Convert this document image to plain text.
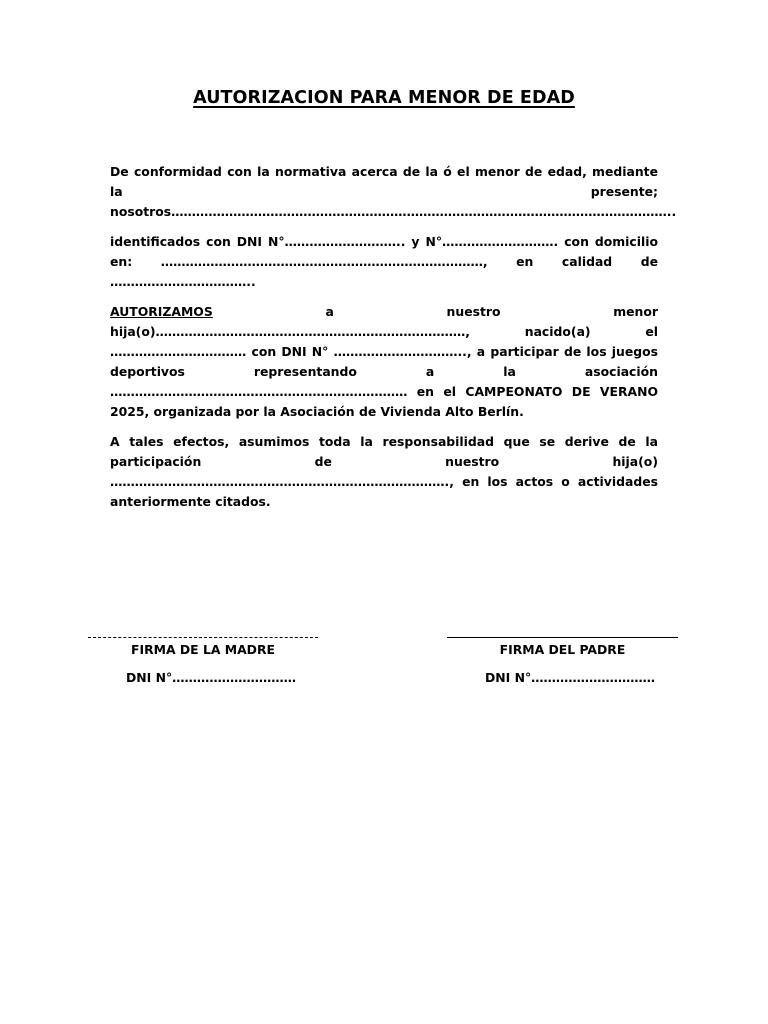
AUTORIZACION PARA MENOR DE EDAD

De conformidad con la normativa acerca de la ó el menor de edad, mediante la presente; nosotros…………………………………………………………………………………………………………..

identificados con DNI N°……………………….. y N°………………………. con domicilio en: ……………………………………………………………………, en calidad de ……………………………..

AUTORIZAMOS a nuestro menor hija(o)…………………………………………………………………, nacido(a) el …………………………… con DNI N° ………………………….., a participar de los juegos deportivos representando a la asociación ……………………………………………………………… en el CAMPEONATO DE VERANO 2025, organizada por la Asociación de Vivienda Alto Berlín.

A tales efectos, asumimos toda la responsabilidad que se derive de la participación de nuestro hija(o) ………………………………………………………………………., en los actos o actividades anteriormente citados.

FIRMA DE LA MADRE	FIRMA DEL PADRE
DNI N°…………………………	DNI N°…………………………
